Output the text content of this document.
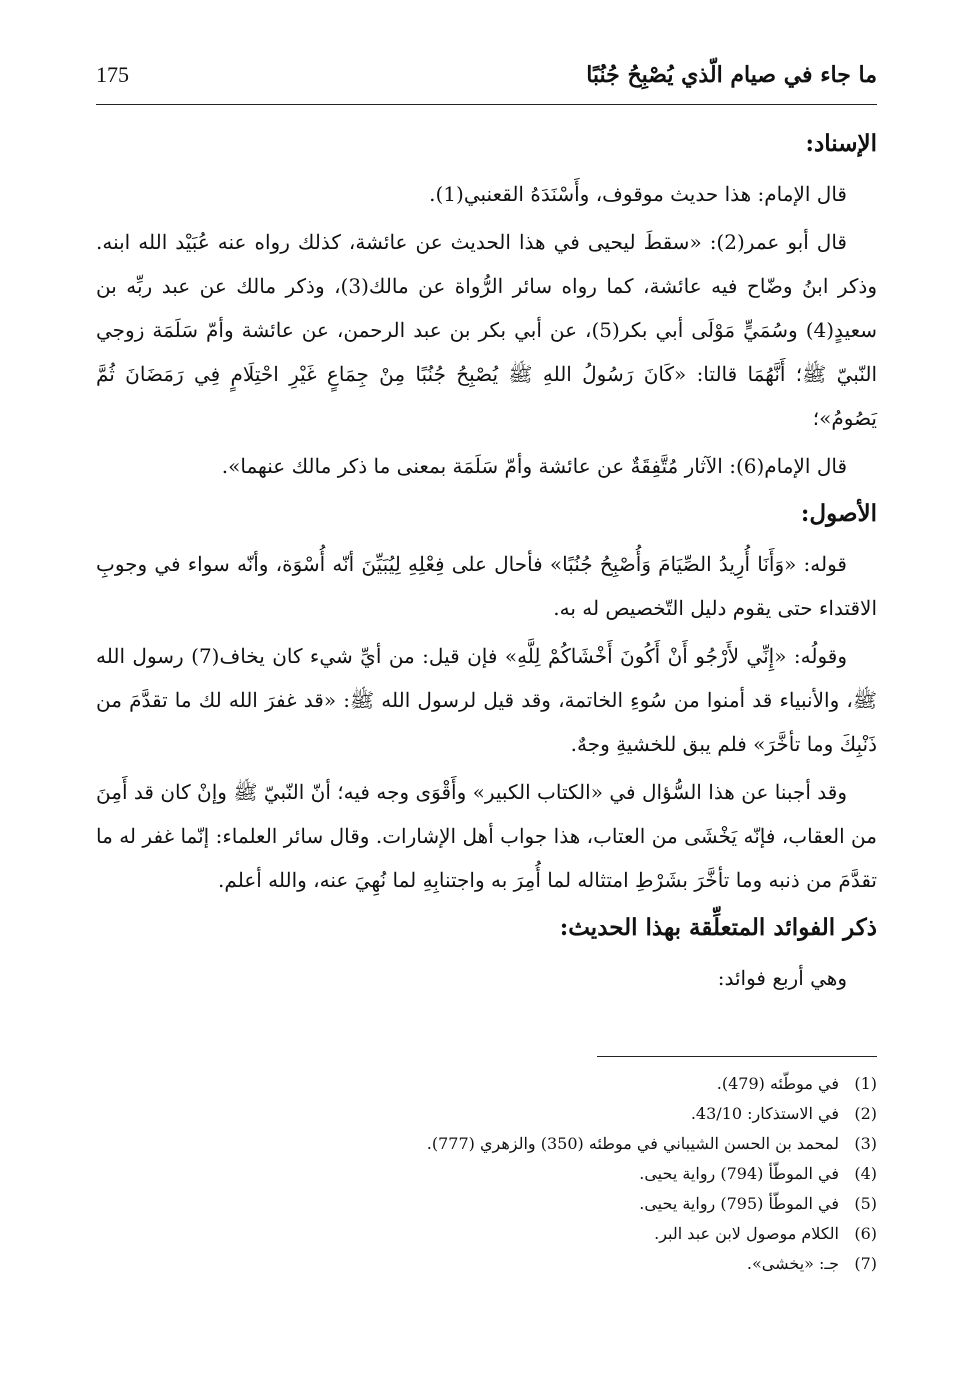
ما جاء في صيام الّذي يُصْبِحُ جُنُبًا
175
الإسناد:

قال الإمام: هذا حديث موقوف، وأَسْنَدَهُ القعنبي(1).

قال أبو عمر(2): «سقطَ ليحيى في هذا الحديث عن عائشة، كذلك رواه عنه عُبَيْد الله ابنه. وذكر ابنُ وضّاح فيه عائشة، كما رواه سائر الرُّواة عن مالك(3)، وذكر مالك عن عبد ربِّه بن سعيدٍ(4) وسُمَيٍّ مَوْلَى أبي بكر(5)، عن أبي بكر بن عبد الرحمن، عن عائشة وأمّ سَلَمَة زوجي النّبيّ ﷺ؛ أَنَّهُمَا قالتا: «كَانَ رَسُولُ اللهِ ﷺ يُصْبِحُ جُنُبًا مِنْ جِمَاعٍ غَيْرِ احْتِلَامٍ فِي رَمَضَانَ ثُمَّ يَصُومُ»؛

قال الإمام(6): الآثار مُتَّفِقَةٌ عن عائشة وأمّ سَلَمَة بمعنى ما ذكر مالك عنهما».

الأصول:

قوله: «وَأَنَا أُرِيدُ الصِّيَامَ وَأُصْبِحُ جُنُبًا» فأحال على فِعْلِهِ لِيُبَيِّنَ أنّه أُسْوَة، وأنّه سواء في وجوبِ الاقتداء حتى يقوم دليل التّخصيص له به.

وقولُه: «إِنِّي لأَرْجُو أَنْ أَكُونَ أَخْشَاكُمْ لِلَّهِ» فإن قيل: من أيِّ شيء كان يخاف(7) رسول الله ﷺ، والأنبياء قد أمنوا من سُوءِ الخاتمة، وقد قيل لرسول الله ﷺ: «قد غفرَ الله لك ما تقدَّمَ من ذَنْبِكَ وما تأخَّرَ» فلم يبق للخشيةِ وجهٌ.

وقد أجبنا عن هذا السُّؤال في «الكتاب الكبير» وأَقْوَى وجه فيه؛ أنّ النّبيّ ﷺ وإنْ كان قد أَمِنَ من العقاب، فإنّه يَخْشَى من العتاب، هذا جواب أهل الإشارات. وقال سائر العلماء: إنّما غفر له ما تقدَّمَ من ذنبه وما تأخَّرَ بشَرْطِ امتثاله لما أُمِرَ به واجتنابِهِ لما نُهِيَ عنه، والله أعلم.

ذكر الفوائد المتعلِّقة بهذا الحديث:

وهي أربع فوائد:

(1)
في موطّئه (479).
(2)
في الاستذكار: 43/10.
(3)
لمحمد بن الحسن الشيباني في موطئه (350) والزهري (777).
(4)
في الموطّأ (794) رواية يحيى.
(5)
في الموطّأ (795) رواية يحيى.
(6)
الكلام موصول لابن عبد البر.
(7)
جـ: «يخشى».
